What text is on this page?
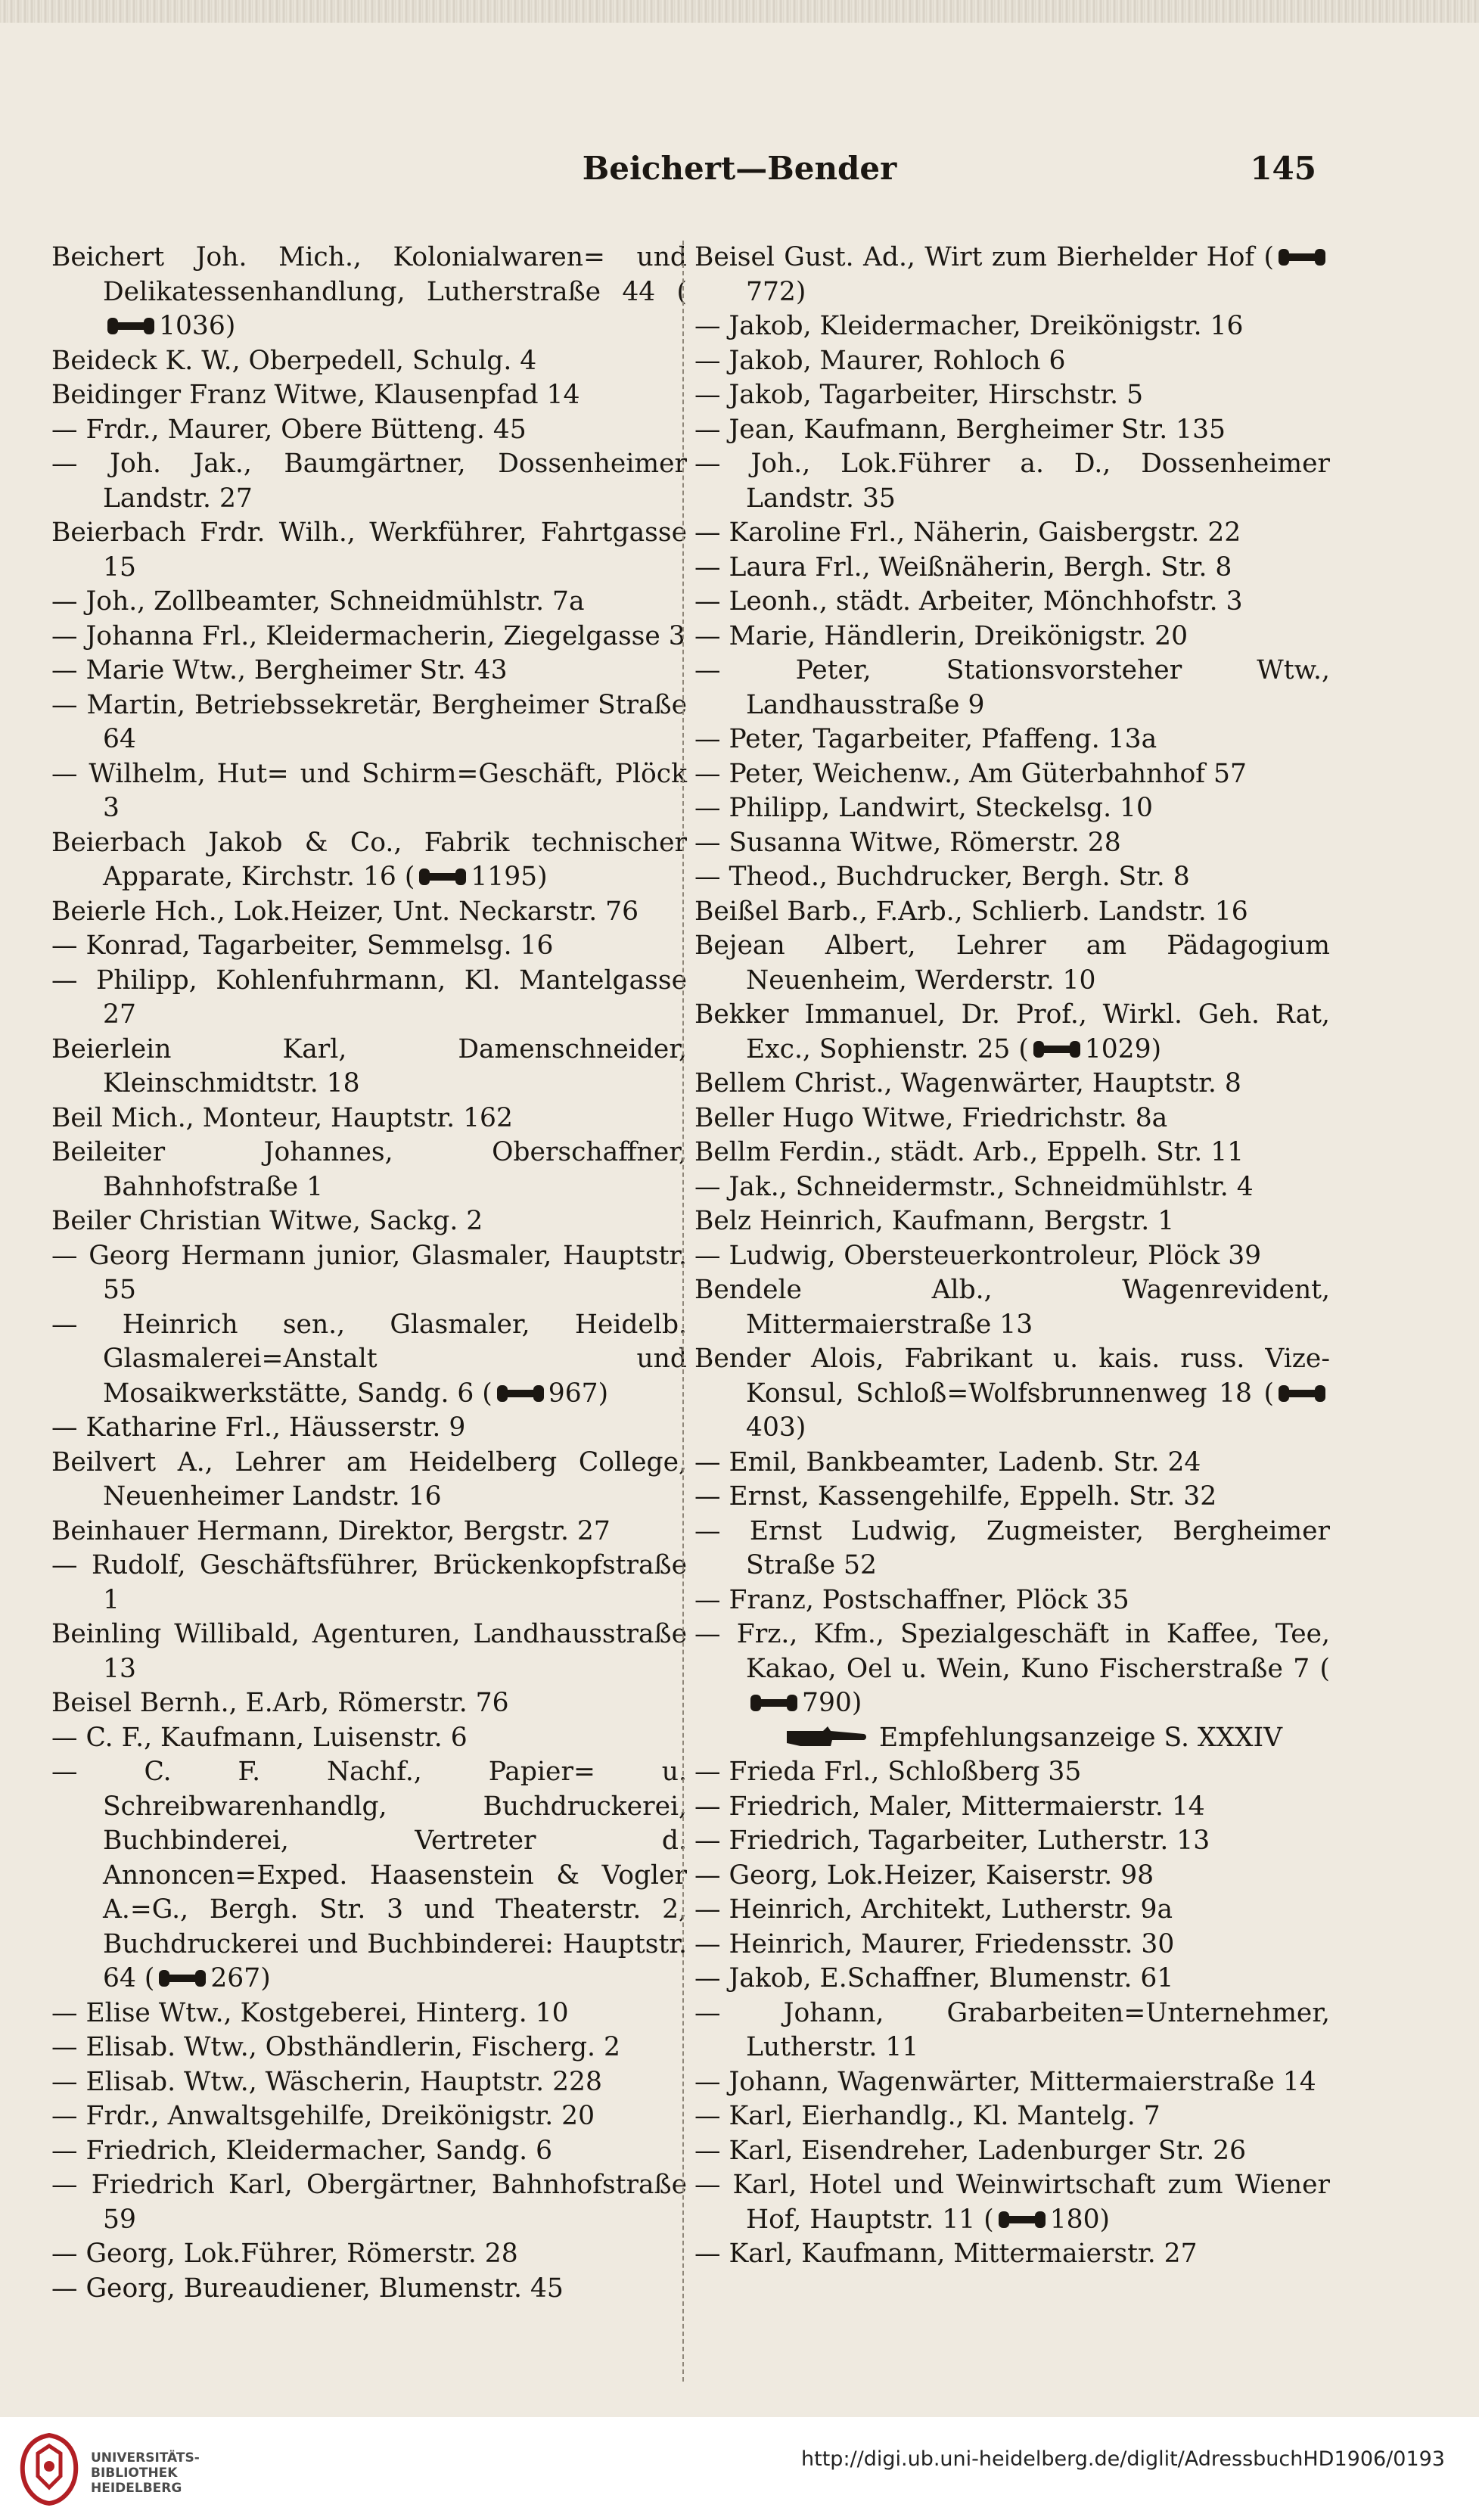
Beichert—Bender	145
Beichert Joh. Mich., Kolonialwaren= und Delikatessenhandlung, Lutherstraße 44 (1036)
Beideck K. W., Oberpedell, Schulg. 4
Beidinger Franz Witwe, Klausenpfad 14
— Frdr., Maurer, Obere Bütteng. 45
— Joh. Jak., Baumgärtner, Dossenheimer Landstr. 27
Beierbach Frdr. Wilh., Werkführer, Fahrtgasse 15
— Joh., Zollbeamter, Schneidmühlstr. 7a
— Johanna Frl., Kleidermacherin, Ziegelgasse 3
— Marie Wtw., Bergheimer Str. 43
— Martin, Betriebssekretär, Bergheimer Straße 64
— Wilhelm, Hut= und Schirm=Geschäft, Plöck 3
Beierbach Jakob & Co., Fabrik technischer Apparate, Kirchstr. 16 ( 1195)
Beierle Hch., Lok.Heizer, Unt. Neckarstr. 76
— Konrad, Tagarbeiter, Semmelsg. 16
— Philipp, Kohlenfuhrmann, Kl. Mantelgasse 27
Beierlein Karl, Damenschneider, Kleinschmidtstr. 18
Beil Mich., Monteur, Hauptstr. 162
Beileiter Johannes, Oberschaffner, Bahnhofstraße 1
Beiler Christian Witwe, Sackg. 2
— Georg Hermann junior, Glasmaler, Hauptstr. 55
— Heinrich sen., Glasmaler, Heidelb. Glasmalerei=Anstalt und Mosaikwerkstätte, Sandg. 6 ( 967)
— Katharine Frl., Häusserstr. 9
Beilvert A., Lehrer am Heidelberg College, Neuenheimer Landstr. 16
Beinhauer Hermann, Direktor, Bergstr. 27
— Rudolf, Geschäftsführer, Brückenkopfstraße 1
Beinling Willibald, Agenturen, Landhausstraße 13
Beisel Bernh., E.Arb, Römerstr. 76
— C. F., Kaufmann, Luisenstr. 6
— C. F. Nachf., Papier= u. Schreibwarenhandlg, Buchdruckerei, Buchbinderei, Vertreter d. Annoncen=Exped. Haasenstein & Vogler A.=G., Bergh. Str. 3 und Theaterstr. 2, Buchdruckerei und Buchbinderei: Hauptstr. 64 ( 267)
— Elise Wtw., Kostgeberei, Hinterg. 10
— Elisab. Wtw., Obsthändlerin, Fischerg. 2
— Elisab. Wtw., Wäscherin, Hauptstr. 228
— Frdr., Anwaltsgehilfe, Dreikönigstr. 20
— Friedrich, Kleidermacher, Sandg. 6
— Friedrich Karl, Obergärtner, Bahnhofstraße 59
— Georg, Lok.Führer, Römerstr. 28
— Georg, Bureaudiener, Blumenstr. 45
Beisel Gust. Ad., Wirt zum Bierhelder Hof (772)
— Jakob, Kleidermacher, Dreikönigstr. 16
— Jakob, Maurer, Rohloch 6
— Jakob, Tagarbeiter, Hirschstr. 5
— Jean, Kaufmann, Bergheimer Str. 135
— Joh., Lok.Führer a. D., Dossenheimer Landstr. 35
— Karoline Frl., Näherin, Gaisbergstr. 22
— Laura Frl., Weißnäherin, Bergh. Str. 8
— Leonh., städt. Arbeiter, Mönchhofstr. 3
— Marie, Händlerin, Dreikönigstr. 20
— Peter, Stationsvorsteher Wtw., Landhausstraße 9
— Peter, Tagarbeiter, Pfaffeng. 13a
— Peter, Weichenw., Am Güterbahnhof 57
— Philipp, Landwirt, Steckelsg. 10
— Susanna Witwe, Römerstr. 28
— Theod., Buchdrucker, Bergh. Str. 8
Beißel Barb., F.Arb., Schlierb. Landstr. 16
Bejean Albert, Lehrer am Pädagogium Neuenheim, Werderstr. 10
Bekker Immanuel, Dr. Prof., Wirkl. Geh. Rat, Exc., Sophienstr. 25 ( 1029)
Bellem Christ., Wagenwärter, Hauptstr. 8
Beller Hugo Witwe, Friedrichstr. 8a
Bellm Ferdin., städt. Arb., Eppelh. Str. 11
— Jak., Schneidermstr., Schneidmühlstr. 4
Belz Heinrich, Kaufmann, Bergstr. 1
— Ludwig, Obersteuerkontroleur, Plöck 39
Bendele Alb., Wagenrevident, Mittermaierstraße 13
Bender Alois, Fabrikant u. kais. russ. Vize-Konsul, Schloß=Wolfsbrunnenweg 18 (403)
— Emil, Bankbeamter, Ladenb. Str. 24
— Ernst, Kassengehilfe, Eppelh. Str. 32
— Ernst Ludwig, Zugmeister, Bergheimer Straße 52
— Franz, Postschaffner, Plöck 35
— Frz., Kfm., Spezialgeschäft in Kaffee, Tee, Kakao, Oel u. Wein, Kuno Fischerstraße 7 (790)
Empfehlungsanzeige S. XXXIV
— Frieda Frl., Schloßberg 35
— Friedrich, Maler, Mittermaierstr. 14
— Friedrich, Tagarbeiter, Lutherstr. 13
— Georg, Lok.Heizer, Kaiserstr. 98
— Heinrich, Architekt, Lutherstr. 9a
— Heinrich, Maurer, Friedensstr. 30
— Jakob, E.Schaffner, Blumenstr. 61
— Johann, Grabarbeiten=Unternehmer, Lutherstr. 11
— Johann, Wagenwärter, Mittermaierstraße 14
— Karl, Eierhandlg., Kl. Mantelg. 7
— Karl, Eisendreher, Ladenburger Str. 26
— Karl, Hotel und Weinwirtschaft zum Wiener Hof, Hauptstr. 11 ( 180)
— Karl, Kaufmann, Mittermaierstr. 27
UNIVERSITÄTS-
BIBLIOTHEK
HEIDELBERG
http://digi.ub.uni-heidelberg.de/diglit/AdressbuchHD1906/0193
